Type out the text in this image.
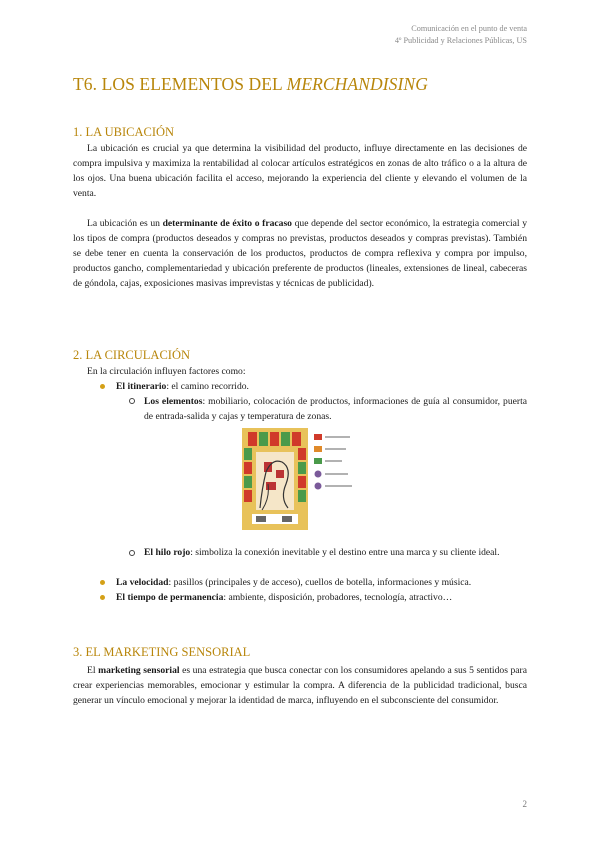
Comunicación en el punto de venta
4º Publicidad y Relaciones Públicas, US
T6. LOS ELEMENTOS DEL MERCHANDISING
1. LA UBICACIÓN

La ubicación es crucial ya que determina la visibilidad del producto, influye directamente en las decisiones de compra impulsiva y maximiza la rentabilidad al colocar artículos estratégicos en zonas de alto tráfico o a la altura de los ojos. Una buena ubicación facilita el acceso, mejorando la experiencia del cliente y elevando el volumen de la venta.

La ubicación es un determinante de éxito o fracaso que depende del sector económico, la estrategia comercial y los tipos de compra (productos deseados y compras no previstas, productos deseados y compras previstas). También se debe tener en cuenta la conservación de los productos, productos de compra reflexiva y compra por impulso, productos gancho, complementariedad y ubicación preferente de productos (lineales, extensiones de lineal, cabeceras de góndola, cajas, exposiciones masivas imprevistas y técnicas de publicidad).

2. LA CIRCULACIÓN
En la circulación influyen factores como:
El itinerario: el camino recorrido.
Los elementos: mobiliario, colocación de productos, informaciones de guía al consumidor, puerta de entrada-salida y cajas y temperatura de zonas.
El hilo rojo: simboliza la conexión inevitable y el destino entre una marca y su cliente ideal.
La velocidad: pasillos (principales y de acceso), cuellos de botella, informaciones y música.
El tiempo de permanencia: ambiente, disposición, probadores, tecnología, atractivo…
3. EL MARKETING SENSORIAL

El marketing sensorial es una estrategia que busca conectar con los consumidores apelando a sus 5 sentidos para crear experiencias memorables, emocionar y estimular la compra. A diferencia de la publicidad tradicional, busca generar un vínculo emocional y mejorar la identidad de marca, influyendo en el subconsciente del consumidor.

2
